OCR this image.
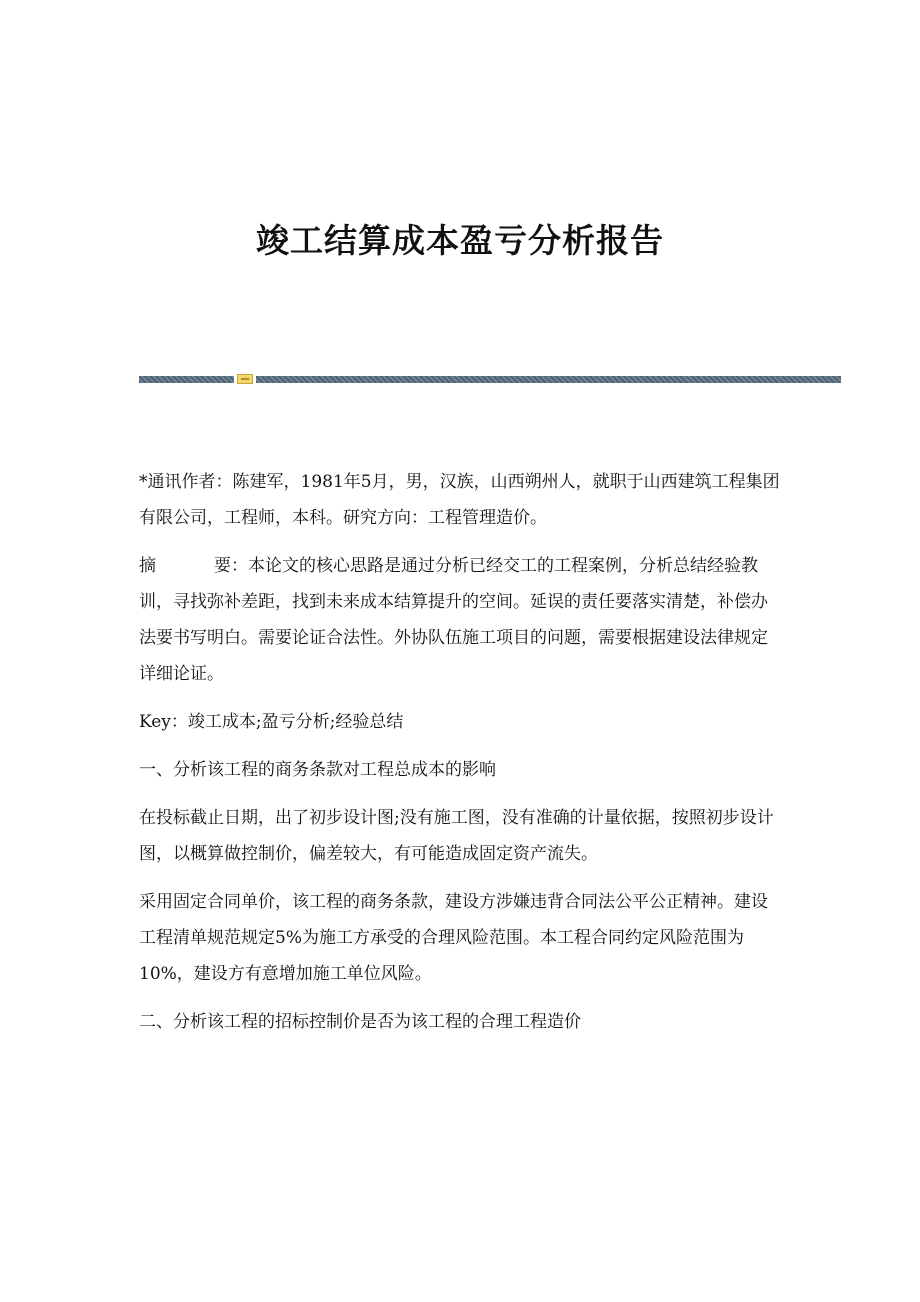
竣工结算成本盈亏分析报告

*通讯作者：陈建军，1981年5月，男，汉族，山西朔州人，就职于山西建筑工程集团有限公司，工程师，本科。研究方向：工程管理造价。

摘	要：本论文的核心思路是通过分析已经交工的工程案例，分析总结经验教训，寻找弥补差距，找到未来成本结算提升的空间。延误的责任要落实清楚，补偿办法要书写明白。需要论证合法性。外协队伍施工项目的问题，需要根据建设法律规定详细论证。

Key：竣工成本;盈亏分析;经验总结

一、分析该工程的商务条款对工程总成本的影响

在投标截止日期，出了初步设计图;没有施工图，没有准确的计量依据，按照初步设计图，以概算做控制价，偏差较大，有可能造成固定资产流失。

采用固定合同单价，该工程的商务条款，建设方涉嫌违背合同法公平公正精神。建设工程清单规范规定5%为施工方承受的合理风险范围。本工程合同约定风险范围为10%，建设方有意增加施工单位风险。

二、分析该工程的招标控制价是否为该工程的合理工程造价
